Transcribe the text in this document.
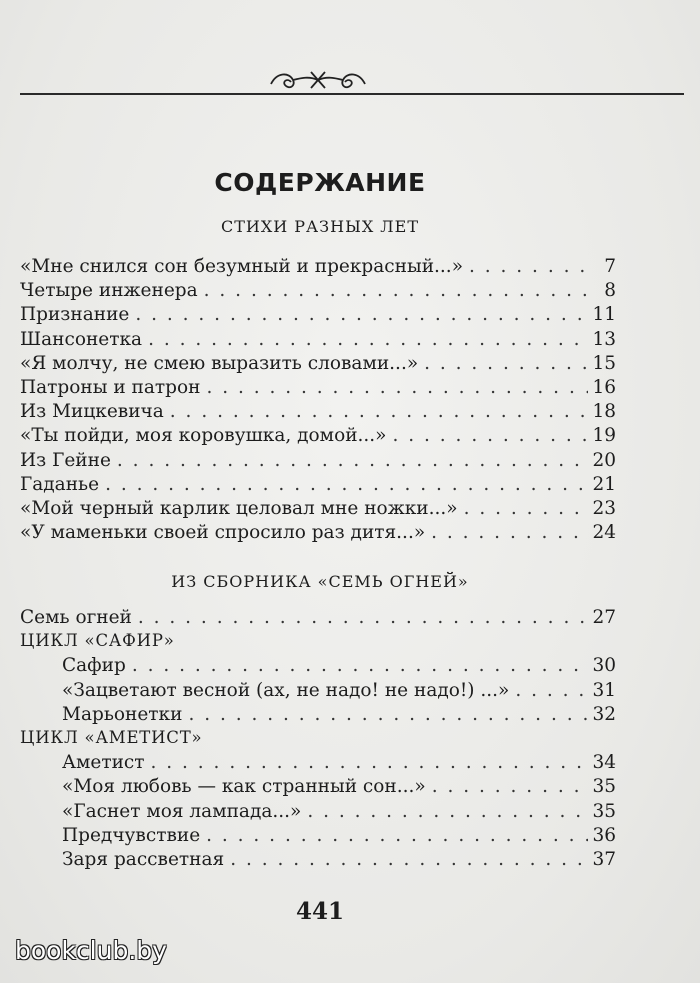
СОДЕРЖАНИЕ
СТИХИ РАЗНЫХ ЛЕТ
«Мне снился сон безумный и прекрасный...» . . .	7
Четыре инженера . . .	8
Признание . . .	11
Шансонетка . . .	13
«Я молчу, не смею выразить словами...» . . .	15
Патроны и патрон . . .	16
Из Мицкевича . . .	18
«Ты пойди, моя коровушка, домой...» . . .	19
Из Гейне . . .	20
Гаданье . . .	21
«Мой черный карлик целовал мне ножки...» . . .	23
«У маменьки своей спросило раз дитя...» . . .	24
ИЗ СБОРНИКА «СЕМЬ ОГНЕЙ»
Семь огней . . .	27
ЦИКЛ «САФИР»
Сафир . . .	30
«Зацветают весной (ах, не надо! не надо!) ...» . . .	31
Марьонетки . . .	32
ЦИКЛ «АМЕТИСТ»
Аметист . . .	34
«Моя любовь — как странный сон...» . . .	35
«Гаснет моя лампада...» . . .	35
Предчувствие . . .	36
Заря рассветная . . .	37
441
bookclub.by
